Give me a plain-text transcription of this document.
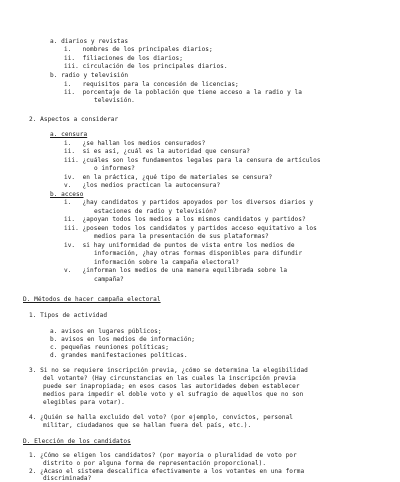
a. diarios y revistas
i.   nombres de los principales diarios;
ii.  filiaciones de los diarios;
iii. circulación de los principales diarios.
b. radio y televisión
i.   requisitos para la concesión de licencias;
ii.  porcentaje de la población que tiene acceso a la radio y la
televisión.
2. Aspectos a considerar
a. censura
i.   ¿se hallan los medios censurados?
ii.  si es así, ¿cuál es la autoridad que censura?
iii. ¿cuáles son los fundamentos legales para la censura de artículos
o informes?
iv.  en la práctica, ¿qué tipo de materiales se censura?
v.   ¿los medios practican la autocensura?
b. acceso
i.   ¿hay candidatos y partidos apoyados por los diversos diarios y
estaciones de radio y televisión?
ii.  ¿apoyan todos los medios a los mismos candidatos y partidos?
iii. ¿poseen todos los candidatos y partidos acceso equitativo a los
medios para la presentación de sus plataformas?
iv.  si hay uniformidad de puntos de vista entre los medios de
información, ¿hay otras formas disponibles para difundir
información sobre la campaña electoral?
v.   ¿informan los medios de una manera equilibrada sobre la
campaña?
D. Métodos de hacer campaña electoral
1. Tipos de actividad
a. avisos en lugares públicos;
b. avisos en los medios de información;
c. pequeñas reuniones políticas;
d. grandes manifestaciones políticas.
3. Si no se requiere inscripción previa, ¿cómo se determina la elegibilidad
del votante? (Hay circunstancias en las cuales la inscripción previa
puede ser inapropiada; en esos casos las autoridades deben establecer
medios para impedir el doble voto y el sufragio de aquellos que no son
elegibles para votar).
4. ¿Quién se halla excluido del voto? (por ejemplo, convictos, personal
militar, ciudadanos que se hallan fuera del país, etc.).
D. Elección de los candidatos
1. ¿Cómo se eligen los candidatos? (por mayoría o pluralidad de voto por
distrito o por alguna forma de representación proporcional).
2. ¿Acaso el sistema descalifica efectivamente a los votantes en una forma
discriminada?
